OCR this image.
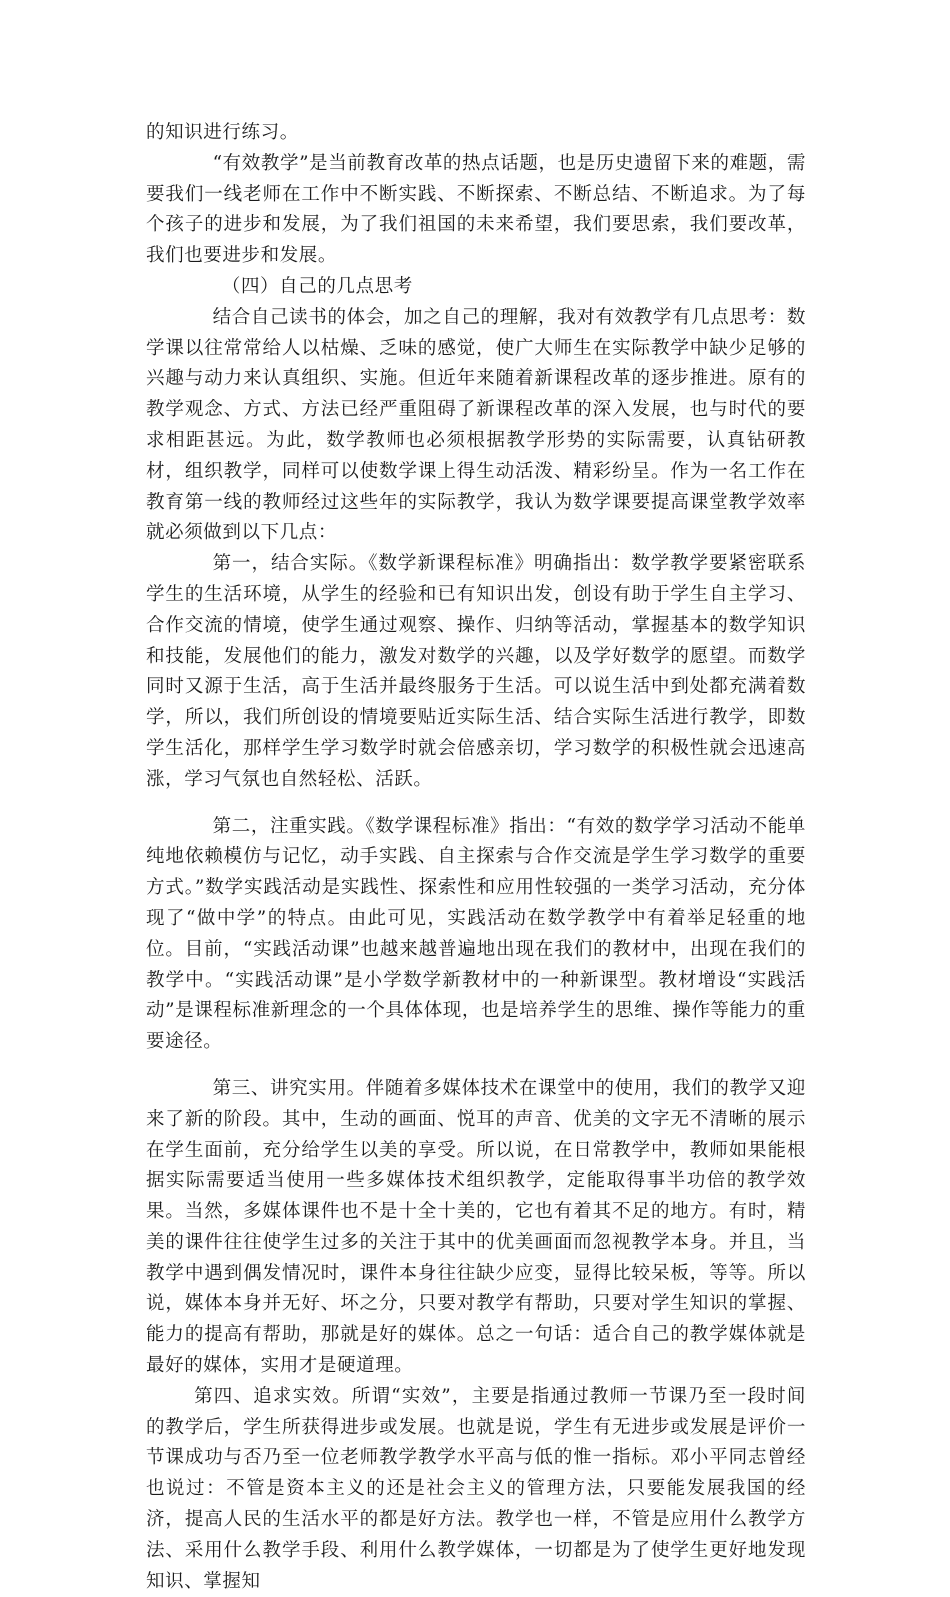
的知识进行练习。

“有效教学”是当前教育改革的热点话题，也是历史遗留下来的难题，需要我们一线老师在工作中不断实践、不断探索、不断总结、不断追求。为了每个孩子的进步和发展，为了我们祖国的未来希望，我们要思索，我们要改革，我们也要进步和发展。

（四）自己的几点思考

结合自己读书的体会，加之自己的理解，我对有效教学有几点思考：数学课以往常常给人以枯燥、乏味的感觉，使广大师生在实际教学中缺少足够的兴趣与动力来认真组织、实施。但近年来随着新课程改革的逐步推进。原有的教学观念、方式、方法已经严重阻碍了新课程改革的深入发展，也与时代的要求相距甚远。为此，数学教师也必须根据教学形势的实际需要，认真钻研教材，组织教学，同样可以使数学课上得生动活泼、精彩纷呈。作为一名工作在教育第一线的教师经过这些年的实际教学，我认为数学课要提高课堂教学效率就必须做到以下几点：

第一，结合实际。《数学新课程标准》明确指出：数学教学要紧密联系学生的生活环境，从学生的经验和已有知识出发，创设有助于学生自主学习、合作交流的情境，使学生通过观察、操作、归纳等活动，掌握基本的数学知识和技能，发展他们的能力，激发对数学的兴趣，以及学好数学的愿望。而数学同时又源于生活，高于生活并最终服务于生活。可以说生活中到处都充满着数学，所以，我们所创设的情境要贴近实际生活、结合实际生活进行教学，即数学生活化，那样学生学习数学时就会倍感亲切，学习数学的积极性就会迅速高涨，学习气氛也自然轻松、活跃。

第二，注重实践。《数学课程标准》指出：“有效的数学学习活动不能单纯地依赖模仿与记忆，动手实践、自主探索与合作交流是学生学习数学的重要方式。”数学实践活动是实践性、探索性和应用性较强的一类学习活动，充分体现了“做中学”的特点。由此可见，实践活动在数学教学中有着举足轻重的地位。目前，“实践活动课”也越来越普遍地出现在我们的教材中，出现在我们的教学中。“实践活动课”是小学数学新教材中的一种新课型。教材增设“实践活动”是课程标准新理念的一个具体体现，也是培养学生的思维、操作等能力的重要途径。

第三、讲究实用。伴随着多媒体技术在课堂中的使用，我们的教学又迎来了新的阶段。其中，生动的画面、悦耳的声音、优美的文字无不清晰的展示在学生面前，充分给学生以美的享受。所以说，在日常教学中，教师如果能根据实际需要适当使用一些多媒体技术组织教学，定能取得事半功倍的教学效果。当然，多媒体课件也不是十全十美的，它也有着其不足的地方。有时，精美的课件往往使学生过多的关注于其中的优美画面而忽视教学本身。并且，当教学中遇到偶发情况时，课件本身往往缺少应变，显得比较呆板，等等。所以说，媒体本身并无好、坏之分，只要对教学有帮助，只要对学生知识的掌握、能力的提高有帮助，那就是好的媒体。总之一句话：适合自己的教学媒体就是最好的媒体，实用才是硬道理。

第四、追求实效。所谓“实效”，主要是指通过教师一节课乃至一段时间的教学后，学生所获得进步或发展。也就是说，学生有无进步或发展是评价一节课成功与否乃至一位老师教学教学水平高与低的惟一指标。邓小平同志曾经也说过：不管是资本主义的还是社会主义的管理方法，只要能发展我国的经济，提高人民的生活水平的都是好方法。教学也一样，不管是应用什么教学方法、采用什么教学手段、利用什么教学媒体，一切都是为了使学生更好地发现知识、掌握知
